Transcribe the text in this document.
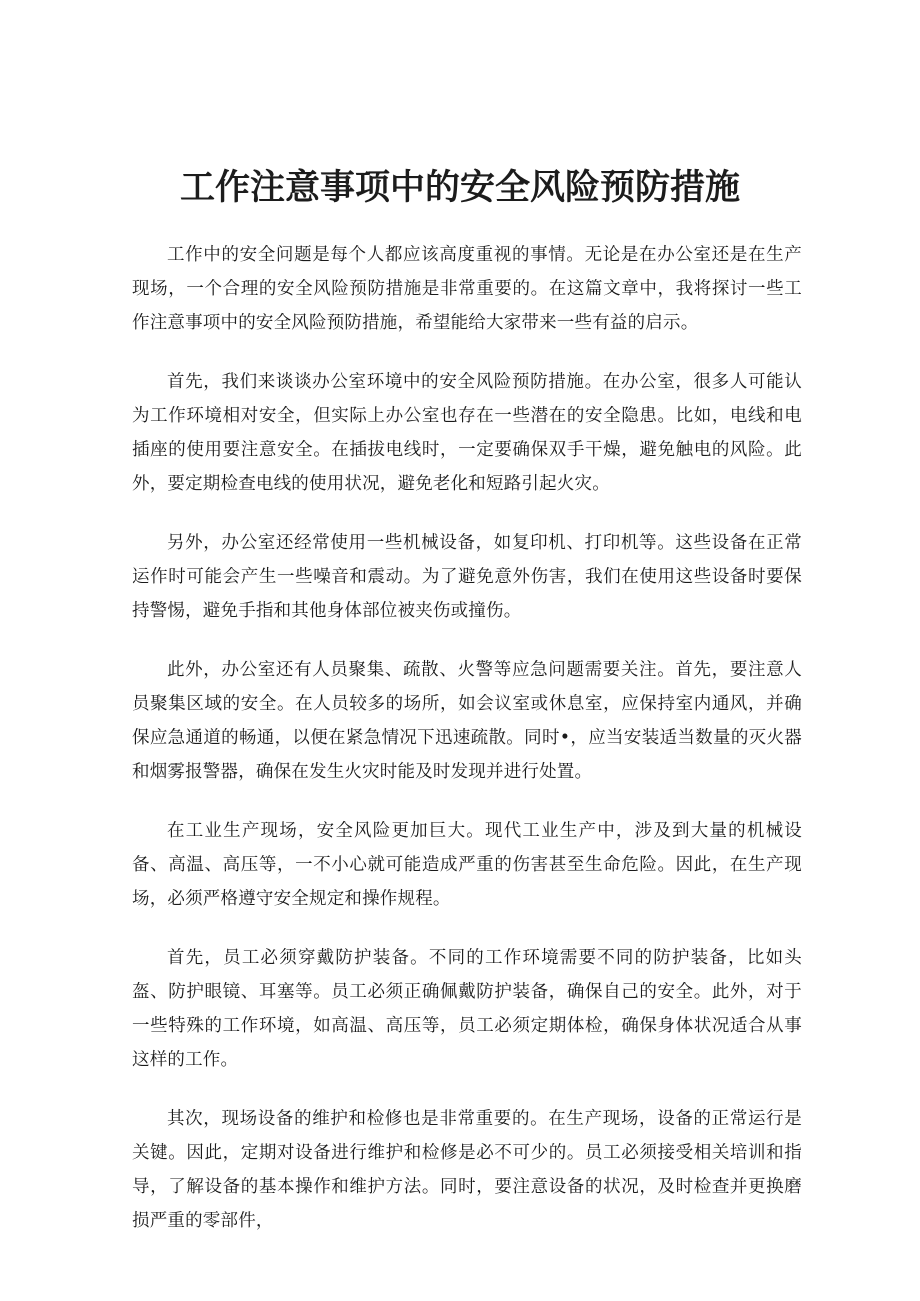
工作注意事项中的安全风险预防措施

工作中的安全问题是每个人都应该高度重视的事情。无论是在办公室还是在生产现场，一个合理的安全风险预防措施是非常重要的。在这篇文章中，我将探讨一些工作注意事项中的安全风险预防措施，希望能给大家带来一些有益的启示。

首先，我们来谈谈办公室环境中的安全风险预防措施。在办公室，很多人可能认为工作环境相对安全，但实际上办公室也存在一些潜在的安全隐患。比如，电线和电插座的使用要注意安全。在插拔电线时，一定要确保双手干燥，避免触电的风险。此外，要定期检查电线的使用状况，避免老化和短路引起火灾。

另外，办公室还经常使用一些机械设备，如复印机、打印机等。这些设备在正常运作时可能会产生一些噪音和震动。为了避免意外伤害，我们在使用这些设备时要保持警惕，避免手指和其他身体部位被夹伤或撞伤。

此外，办公室还有人员聚集、疏散、火警等应急问题需要关注。首先，要注意人员聚集区域的安全。在人员较多的场所，如会议室或休息室，应保持室内通风，并确保应急通道的畅通，以便在紧急情况下迅速疏散。同时•，应当安装适当数量的灭火器和烟雾报警器，确保在发生火灾时能及时发现并进行处置。

在工业生产现场，安全风险更加巨大。现代工业生产中，涉及到大量的机械设备、高温、高压等，一不小心就可能造成严重的伤害甚至生命危险。因此，在生产现场，必须严格遵守安全规定和操作规程。

首先，员工必须穿戴防护装备。不同的工作环境需要不同的防护装备，比如头盔、防护眼镜、耳塞等。员工必须正确佩戴防护装备，确保自己的安全。此外，对于一些特殊的工作环境，如高温、高压等，员工必须定期体检，确保身体状况适合从事这样的工作。

其次，现场设备的维护和检修也是非常重要的。在生产现场，设备的正常运行是关键。因此，定期对设备进行维护和检修是必不可少的。员工必须接受相关培训和指导，了解设备的基本操作和维护方法。同时，要注意设备的状况，及时检查并更换磨损严重的零部件，
